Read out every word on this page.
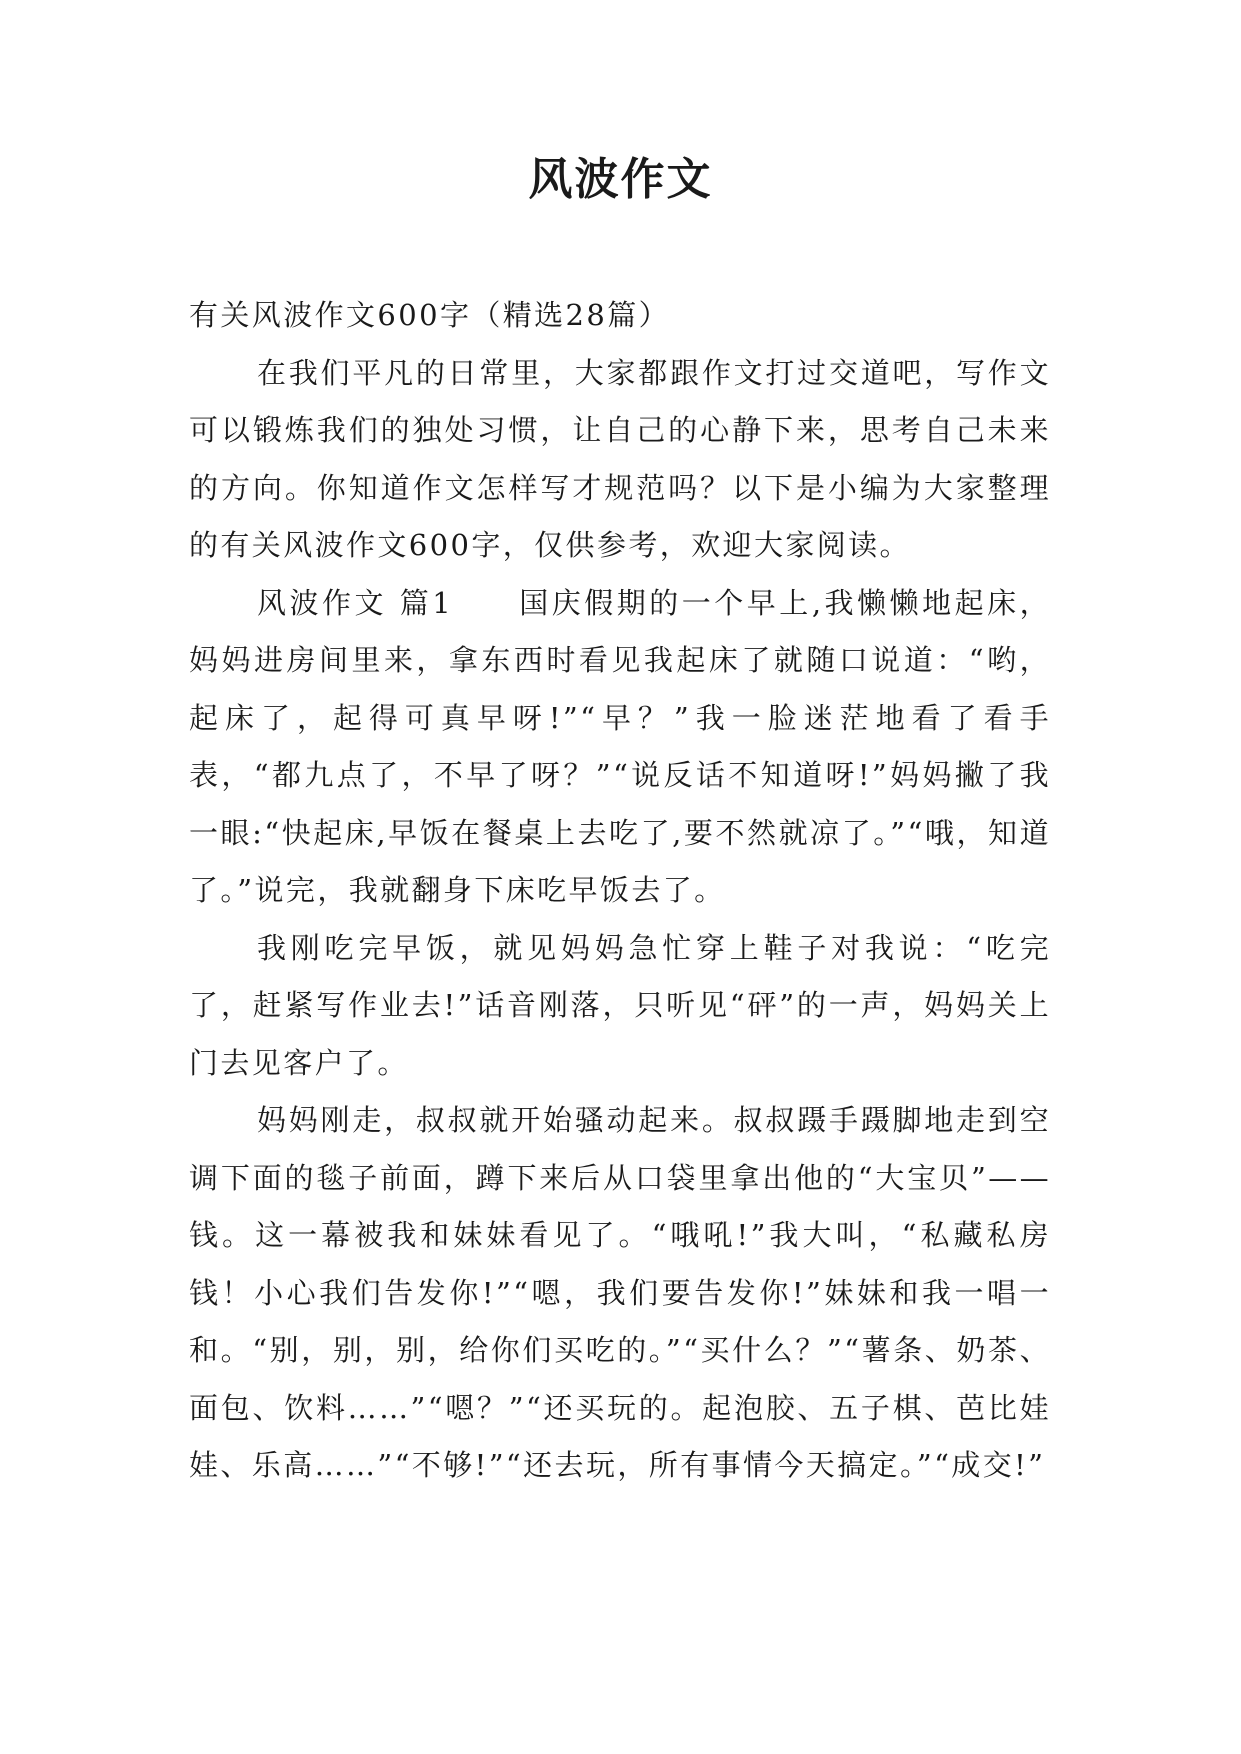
风波作文

有关风波作文600字（精选28篇）

在我们平凡的日常里，大家都跟作文打过交道吧，写作文可以锻炼我们的独处习惯，让自己的心静下来，思考自己未来的方向。你知道作文怎样写才规范吗？以下是小编为大家整理的有关风波作文600字，仅供参考，欢迎大家阅读。

风波作文 篇1　　国庆假期的一个早上,我懒懒地起床，妈妈进房间里来，拿东西时看见我起床了就随口说道：“哟，起床了，起得可真早呀!”“早？”我一脸迷茫地看了看手表，“都九点了，不早了呀？”“说反话不知道呀!”妈妈撇了我一眼:“快起床,早饭在餐桌上去吃了,要不然就凉了。”“哦，知道了。”说完，我就翻身下床吃早饭去了。

我刚吃完早饭，就见妈妈急忙穿上鞋子对我说：“吃完了，赶紧写作业去!”话音刚落，只听见“砰”的一声，妈妈关上门去见客户了。

妈妈刚走，叔叔就开始骚动起来。叔叔蹑手蹑脚地走到空调下面的毯子前面，蹲下来后从口袋里拿出他的“大宝贝”——钱。这一幕被我和妹妹看见了。“哦吼!”我大叫，“私藏私房钱！小心我们告发你!”“嗯，我们要告发你!”妹妹和我一唱一和。“别，别，别，给你们买吃的。”“买什么？”“薯条、奶茶、面包、饮料……”“嗯？”“还买玩的。起泡胶、五子棋、芭比娃娃、乐高……”“不够!”“还去玩，所有事情今天搞定。”“成交!”
